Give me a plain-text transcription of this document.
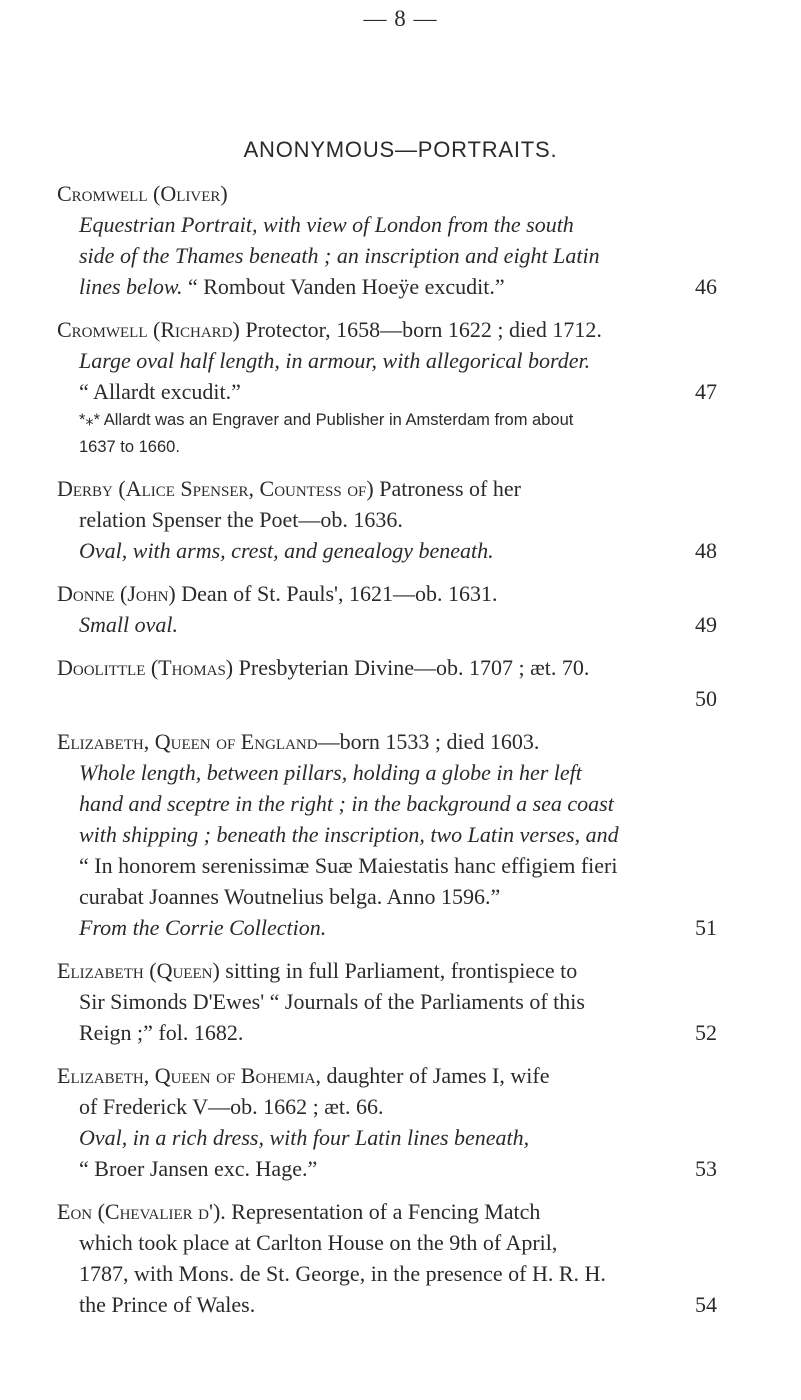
— 8 —
ANONYMOUS—PORTRAITS.
Cromwell (Oliver)
Equestrian Portrait, with view of London from the south
side of the Thames beneath ; an inscription and eight Latin
lines below. “ Rombout Vanden Hoeÿe excudit.”	46
Cromwell (Richard) Protector, 1658—born 1622 ; died 1712.
Large oval half length, in armour, with allegorical border.
“ Allardt excudit.”	47
*⁎* Allardt was an Engraver and Publisher in Amsterdam from about
1637 to 1660.
Derby (Alice Spenser, Countess of) Patroness of her
relation Spenser the Poet—ob. 1636.
Oval, with arms, crest, and genealogy beneath.	48
Donne (John) Dean of St. Pauls', 1621—ob. 1631.
Small oval.	49
Doolittle (Thomas) Presbyterian Divine—ob. 1707 ; æt. 70.
50
Elizabeth, Queen of England—born 1533 ; died 1603.
Whole length, between pillars, holding a globe in her left
hand and sceptre in the right ; in the background a sea coast
with shipping ; beneath the inscription, two Latin verses, and
“ In honorem serenissimæ Suæ Maiestatis hanc effigiem fieri
curabat Joannes Woutnelius belga. Anno 1596.”
From the Corrie Collection.	51
Elizabeth (Queen) sitting in full Parliament, frontispiece to
Sir Simonds D'Ewes' “ Journals of the Parliaments of this
Reign ;” fol. 1682.	52
Elizabeth, Queen of Bohemia, daughter of James I, wife
of Frederick V—ob. 1662 ; æt. 66.
Oval, in a rich dress, with four Latin lines beneath,
“ Broer Jansen exc. Hage.”	53
Eon (Chevalier d'). Representation of a Fencing Match
which took place at Carlton House on the 9th of April,
1787, with Mons. de St. George, in the presence of H. R. H.
the Prince of Wales.	54
